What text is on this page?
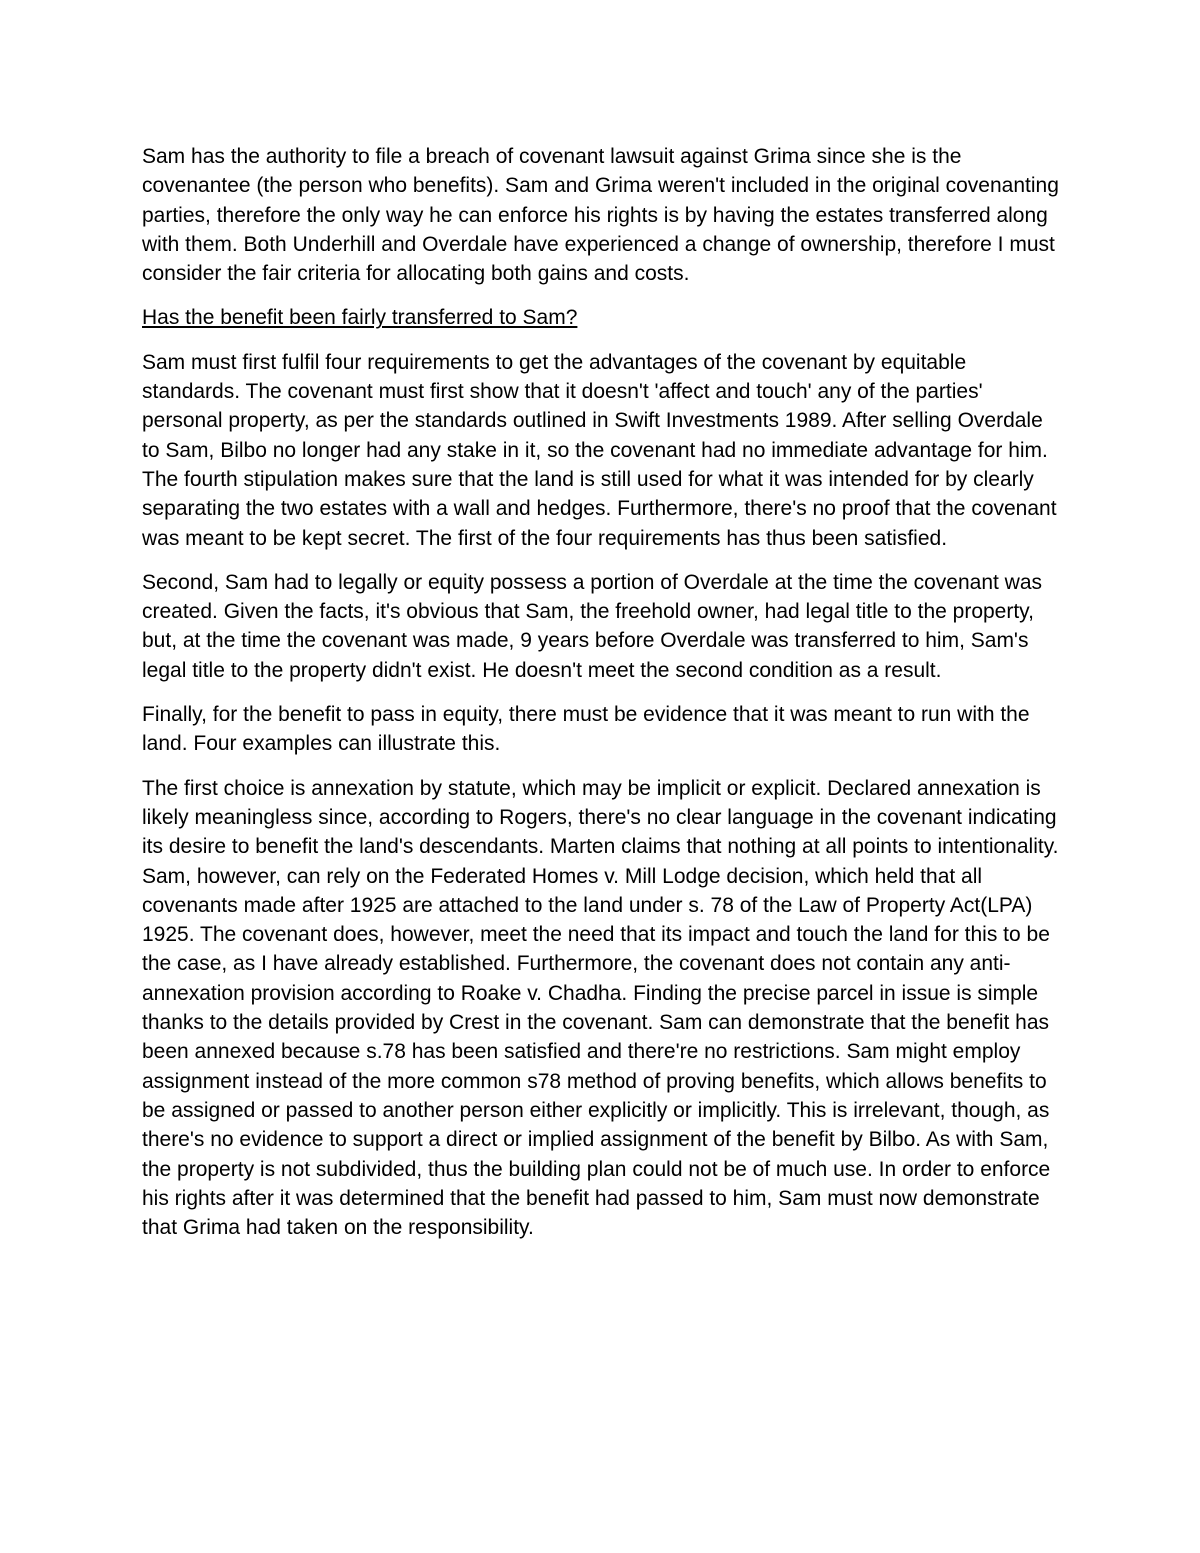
Sam has the authority to file a breach of covenant lawsuit against Grima since she is the covenantee (the person who benefits). Sam and Grima weren't included in the original covenanting parties, therefore the only way he can enforce his rights is by having the estates transferred along with them. Both Underhill and Overdale have experienced a change of ownership, therefore I must consider the fair criteria for allocating both gains and costs.

Has the benefit been fairly transferred to Sam?

Sam must first fulfil four requirements to get the advantages of the covenant by equitable standards. The covenant must first show that it doesn't 'affect and touch' any of the parties' personal property, as per the standards outlined in Swift Investments 1989. After selling Overdale to Sam, Bilbo no longer had any stake in it, so the covenant had no immediate advantage for him. The fourth stipulation makes sure that the land is still used for what it was intended for by clearly separating the two estates with a wall and hedges. Furthermore, there's no proof that the covenant was meant to be kept secret. The first of the four requirements has thus been satisfied.

Second, Sam had to legally or equity possess a portion of Overdale at the time the covenant was created. Given the facts, it's obvious that Sam, the freehold owner, had legal title to the property, but, at the time the covenant was made, 9 years before Overdale was transferred to him, Sam's legal title to the property didn't exist. He doesn't meet the second condition as a result.

Finally, for the benefit to pass in equity, there must be evidence that it was meant to run with the land. Four examples can illustrate this.

The first choice is annexation by statute, which may be implicit or explicit. Declared annexation is likely meaningless since, according to Rogers, there's no clear language in the covenant indicating its desire to benefit the land's descendants. Marten claims that nothing at all points to intentionality. Sam, however, can rely on the Federated Homes v. Mill Lodge decision, which held that all covenants made after 1925 are attached to the land under s. 78 of the Law of Property Act(LPA) 1925. The covenant does, however, meet the need that its impact and touch the land for this to be the case, as I have already established. Furthermore, the covenant does not contain any anti-annexation provision according to Roake v. Chadha. Finding the precise parcel in issue is simple thanks to the details provided by Crest in the covenant. Sam can demonstrate that the benefit has been annexed because s.78 has been satisfied and there're no restrictions. Sam might employ assignment instead of the more common s78 method of proving benefits, which allows benefits to be assigned or passed to another person either explicitly or implicitly. This is irrelevant, though, as there's no evidence to support a direct or implied assignment of the benefit by Bilbo. As with Sam, the property is not subdivided, thus the building plan could not be of much use. In order to enforce his rights after it was determined that the benefit had passed to him, Sam must now demonstrate that Grima had taken on the responsibility.
